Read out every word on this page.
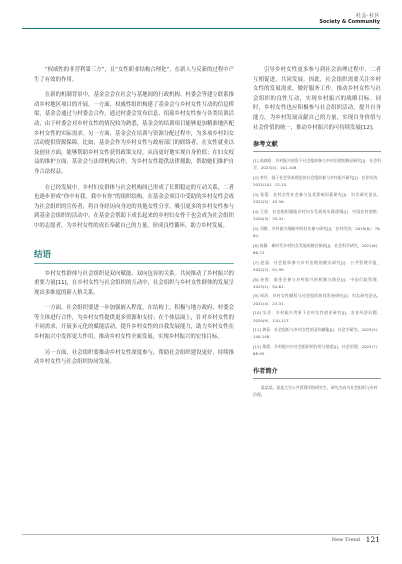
社会·社区
Society & Community

“权威性的非营利第三方”，且“女性职业结构合理化”，在新人与反新的过程中产生了有效的作用。

在新的机制背景中，基金会会在社会与基地间的行政机构、村委会等建立联系推动乡村地区项目的开展。一方面，权威性组织构建了基金会与乡村女性互动的信息桥梁，基金会通过与村委会合作，通过村委会发布信息、招募乡村女性参与各类培训活动，由于村委会对乡村女性的情况较为熟悉，基金会的培训项目能够更加精准地匹配乡村女性的实际需求。另一方面，基金会在培训与资源分配过程中，为多项乡村妇女活动提供资源保障。比如，基金会作为乡村女性与政府部门的联络者，在女性就业以及创业方面，能够帮助乡村女性获得政策支持，从而更好地实现自身价值；在妇女权益的维护方面，基金会与法律机构合作，为乡村女性提供法律援助，帮助她们维护自身合法权益。

在已经发展中，乡村妇女群体与社会机构间已形成了长期稳定的互动关系，二者也逐步形成“你中有我，我中有你”的组织结构。在基金会项目中受助的乡村女性会成为社会组织的宣传者，将自身经历向身边的其他女性分享，吸引更多的乡村女性参与到基金会组织的活动中。在基金会帮助下成长起来的乡村妇女骨干也会成为社会组织中的志愿者，为乡村女性的成长奉献自己的力量，形成良性循环，助力乡村发展。

结语

乡村女性群体与社会组织是双向赋能、双向包容的关系。共同推动了乡村振兴的重要力量[11]，在乡村女性与社会组织的互动中，社会组织与乡村女性群体的发展呈现出多维度的新人格关系。

一方面，社会组织要进一步加强嵌入程度，在结构上，积极与地方政府、村委会等主体进行合作，为乡村女性提供更多资源和支持；在个体层面上，针对乡村女性的不同需求，开展多元化的赋能活动，提升乡村女性的自我发展能力，助力乡村女性在乡村振兴中发挥更大作用，推动乡村女性全面发展，实现乡村振兴的宏伟目标。

另一方面，社会组织要推动乡村女性深度参与，帮助社会组织建设更好，持续推动乡村女性与社会组织协同发展。

引导乡村女性更多参与到社会治理过程中，二者互相促进，共同发展。因此，社会组织需要关注乡村女性的发展需求，做好服务工作，推动乡村女性与社会组织的良性互动，实现乡村振兴的战略目标。同时，乡村女性也应积极参与社会组织活动，提升自身能力，为乡村发展贡献自己的力量，实现自身价值与社会价值的统一，推动乡村振兴的可持续发展[12]。

参考文献

[1] 高春阳．乡村振兴视角下社会组织参与乡村治理的路径研究[J]．社会科学，2023(4)：101-108．

[2] 李丹．基于社会资本理论的社会组织参与乡村振兴研究[J]．农业经济，2021(10)：12-15．

[3] 张蕾．农村女性社会参与及其影响因素研究[J]．妇女研究论丛，2022(5)：45-56．

[4] 王欣．社会组织赋能乡村妇女发展的实践逻辑[J]．中国农村观察，2020(3)：33-41．

[5] 刘敏．乡村振兴战略中的妇女参与研究[J]．农村经济，2019(8)：78-84．

[6] 陈静．新时代乡村妇女发展的路径探析[J]．社会科学研究，2021(6)：66-72．

[7] 赵丽．社会组织参与乡村治理的模式研究[J]．公共管理学报，2022(2)：91-99．

[8] 孙悦．基金会参与乡村振兴的机制与路径[J]．中国行政管理，2023(1)：54-61．

[9] 周洁．乡村女性赋权与社会组织协同发展研究[J]．妇女研究论丛，2021(4)：23-31．

[10] 吴芳．乡村振兴背景下农村女性创业研究[J]．农业经济问题，2020(9)：110-117．

[11] 黄蓉．社会组织与乡村女性的双向赋能[J]．社会学研究，2023(3)：140-148．

[12] 郑霞．乡村振兴中社会组织的作用与展望[J]．社会治理，2022(7)：88-95．

作者简介

某某某，某某大学公共管理学院研究生，研究方向为社会组织与乡村治理。

New Trend 121
